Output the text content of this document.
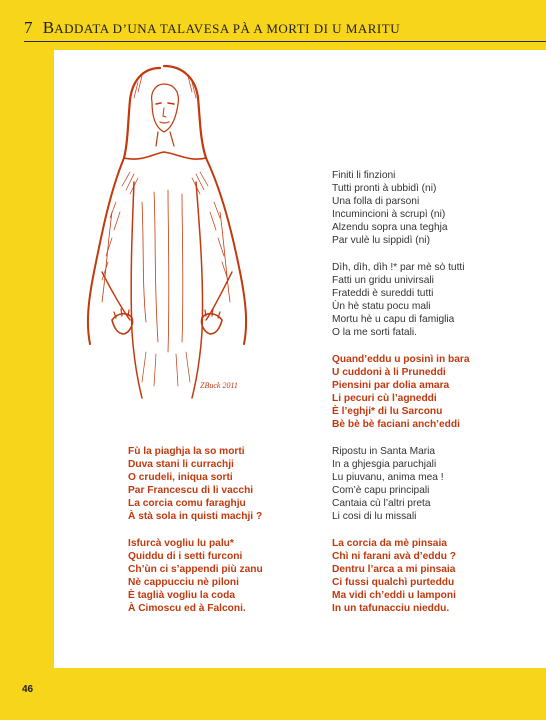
7 BADDATA D’UNA TALAVESA PÀ A MORTI DI U MARITU
ZBuck 2011
Finiti li finzioni
Tutti pronti à ubbidì (ni)
Una folla di parsoni
Incumincioni à scrupì (ni)
Alzendu sopra una teghja
Par vulè lu sippidì (ni)
Dìh, dìh, dìh !* par mè sò tutti
Fatti un gridu univirsali
Frateddi è sureddi tutti
Ùn hè statu pocu mali
Mortu hè u capu di famiglia
O la me sorti fatali.
Quand’eddu u posinì in bara
U cuddoni à li Pruneddi
Piensini par dolia amara
Li pecuri cù l’agneddi
È l’eghji* di lu Sarconu
Bè bè bè faciani anch’eddi
Ripostu in Santa Maria
In a ghjesgia paruchjali
Lu piuvanu, anima mea !
Com’è capu principali
Cantaia cù l’altri preta
Li cosi di lu missali
La corcia da mè pinsaia
Chì ni farani avà d’eddu ?
Dentru l’arca a mi pinsaia
Ci fussi qualchì purteddu
Ma vidi ch’eddi u lamponi
In un tafunacciu nieddu.
Fù la piaghja la so morti
Duva stani li currachji
O crudeli, iniqua sorti
Par Francescu di li vacchi
La corcia comu faraghju
À stà sola in quisti machji ?
Isfurcà vogliu lu palu*
Quiddu di i setti furconi
Ch’ùn ci s’appendi più zanu
Nè cappucciu nè piloni
È taglià vogliu la coda
À Cimoscu ed à Falconi.
46
